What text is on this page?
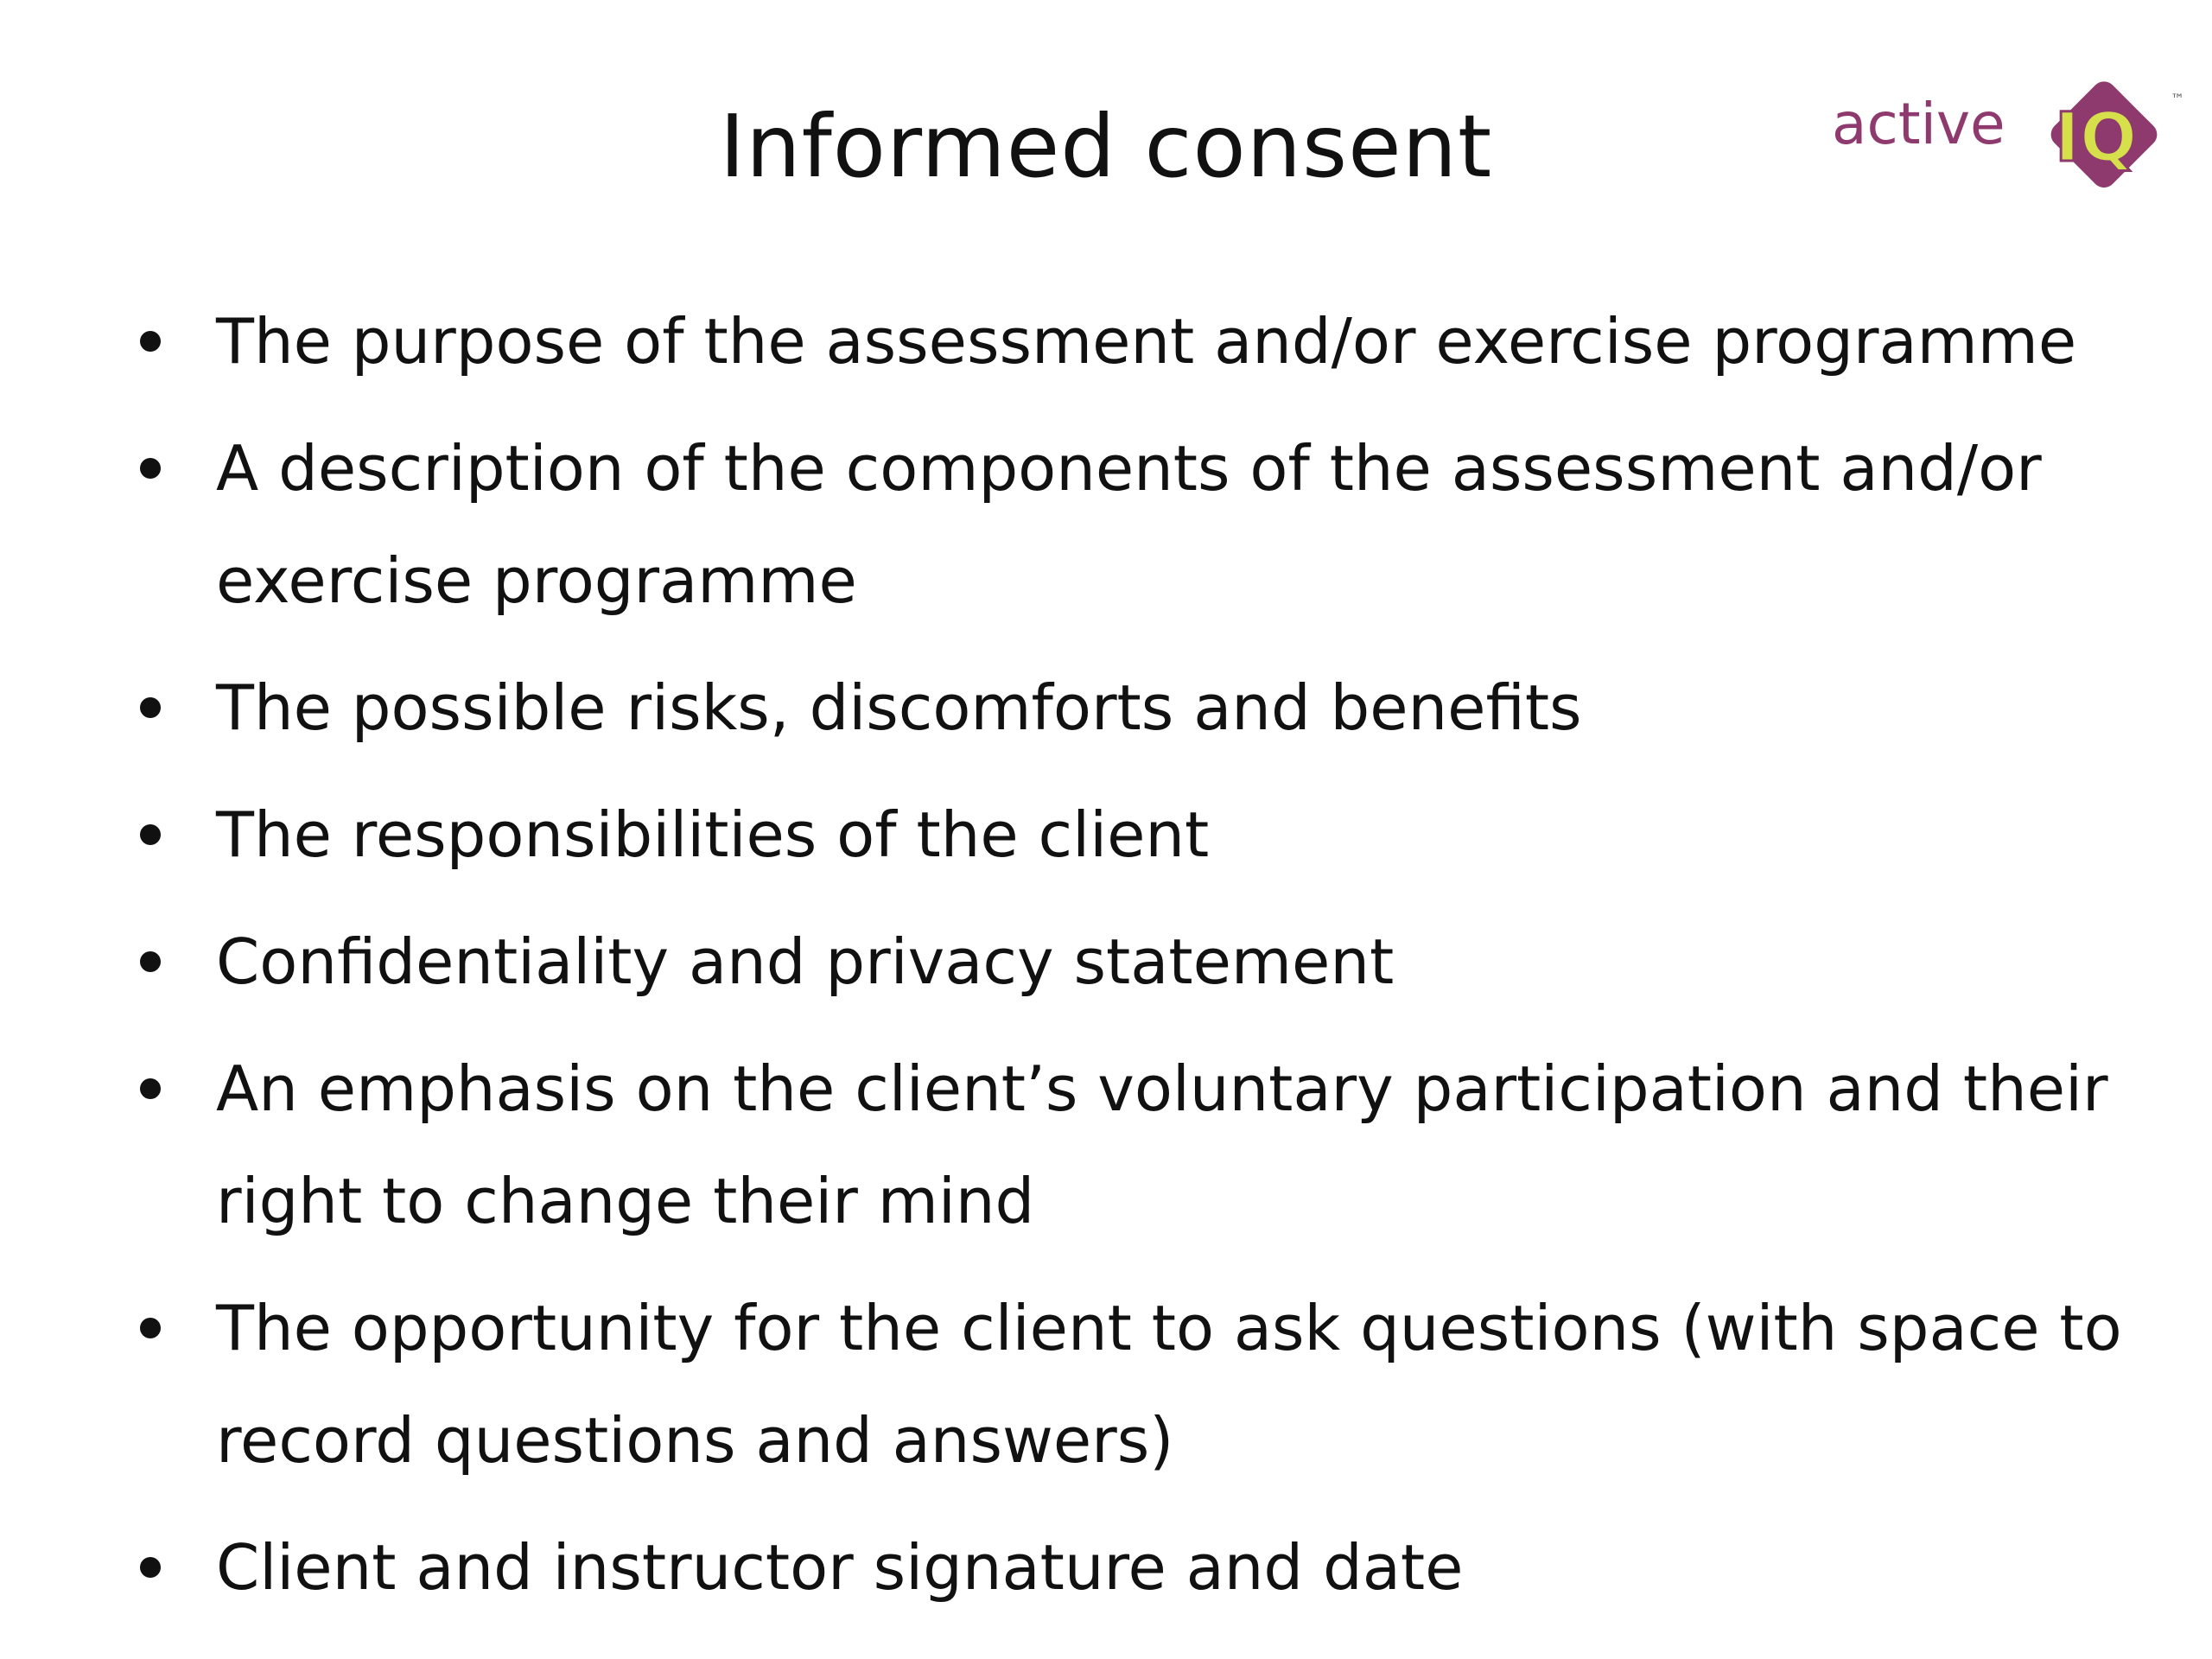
Informed consent	IQ
active	™
The purpose of the assessment and/or exercise programme
A description of the components of the assessment and/or exercise programme
The possible risks, discomforts and benefits
The responsibilities of the client
Confidentiality and privacy statement
An emphasis on the client’s voluntary participation and their right to change their mind
The opportunity for the client to ask questions (with space to record questions and answers)
Client and instructor signature and date
